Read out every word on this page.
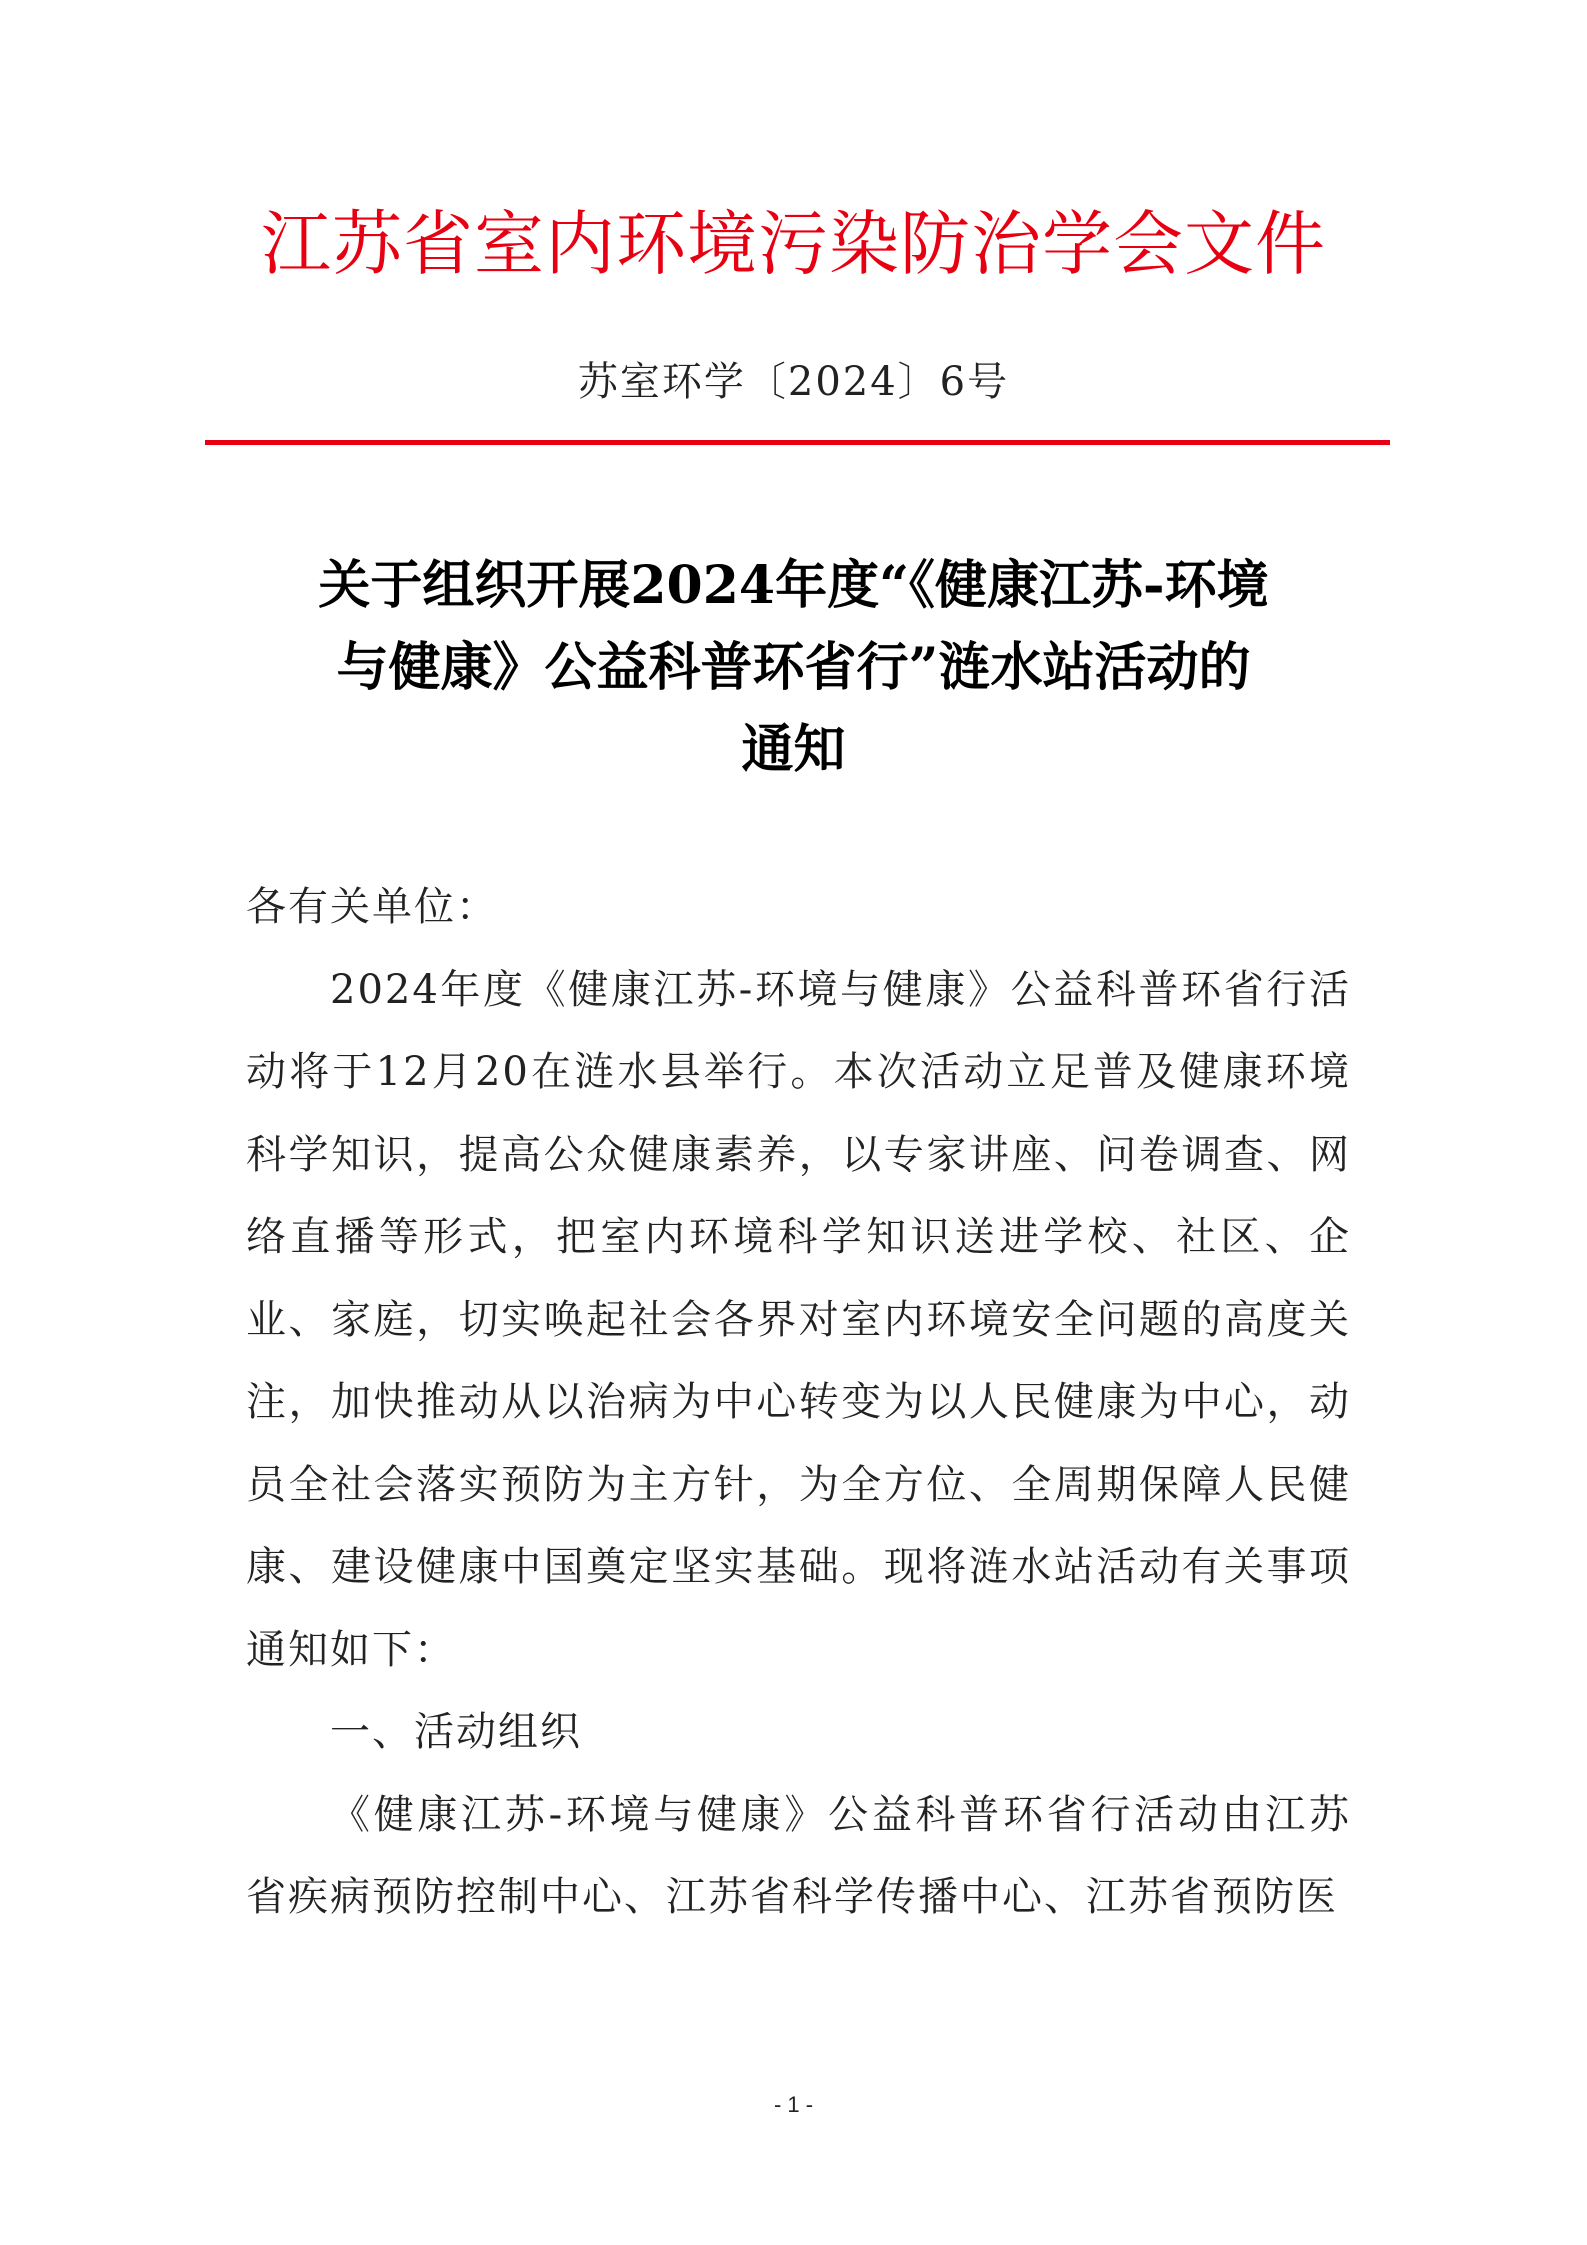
江苏省室内环境污染防治学会文件
苏室环学〔2024〕6号
关于组织开展2024年度“《健康江苏-环境
与健康》公益科普环省行”涟水站活动的
通知

各有关单位：

2024年度《健康江苏-环境与健康》公益科普环省行活动将于12月20在涟水县举行。本次活动立足普及健康环境科学知识，提高公众健康素养，以专家讲座、问卷调查、网络直播等形式，把室内环境科学知识送进学校、社区、企业、家庭，切实唤起社会各界对室内环境安全问题的高度关注，加快推动从以治病为中心转变为以人民健康为中心，动员全社会落实预防为主方针，为全方位、全周期保障人民健康、建设健康中国奠定坚实基础。现将涟水站活动有关事项通知如下：

一、活动组织

《健康江苏-环境与健康》公益科普环省行活动由江苏省疾病预防控制中心、江苏省科学传播中心、江苏省预防医

- 1 -
